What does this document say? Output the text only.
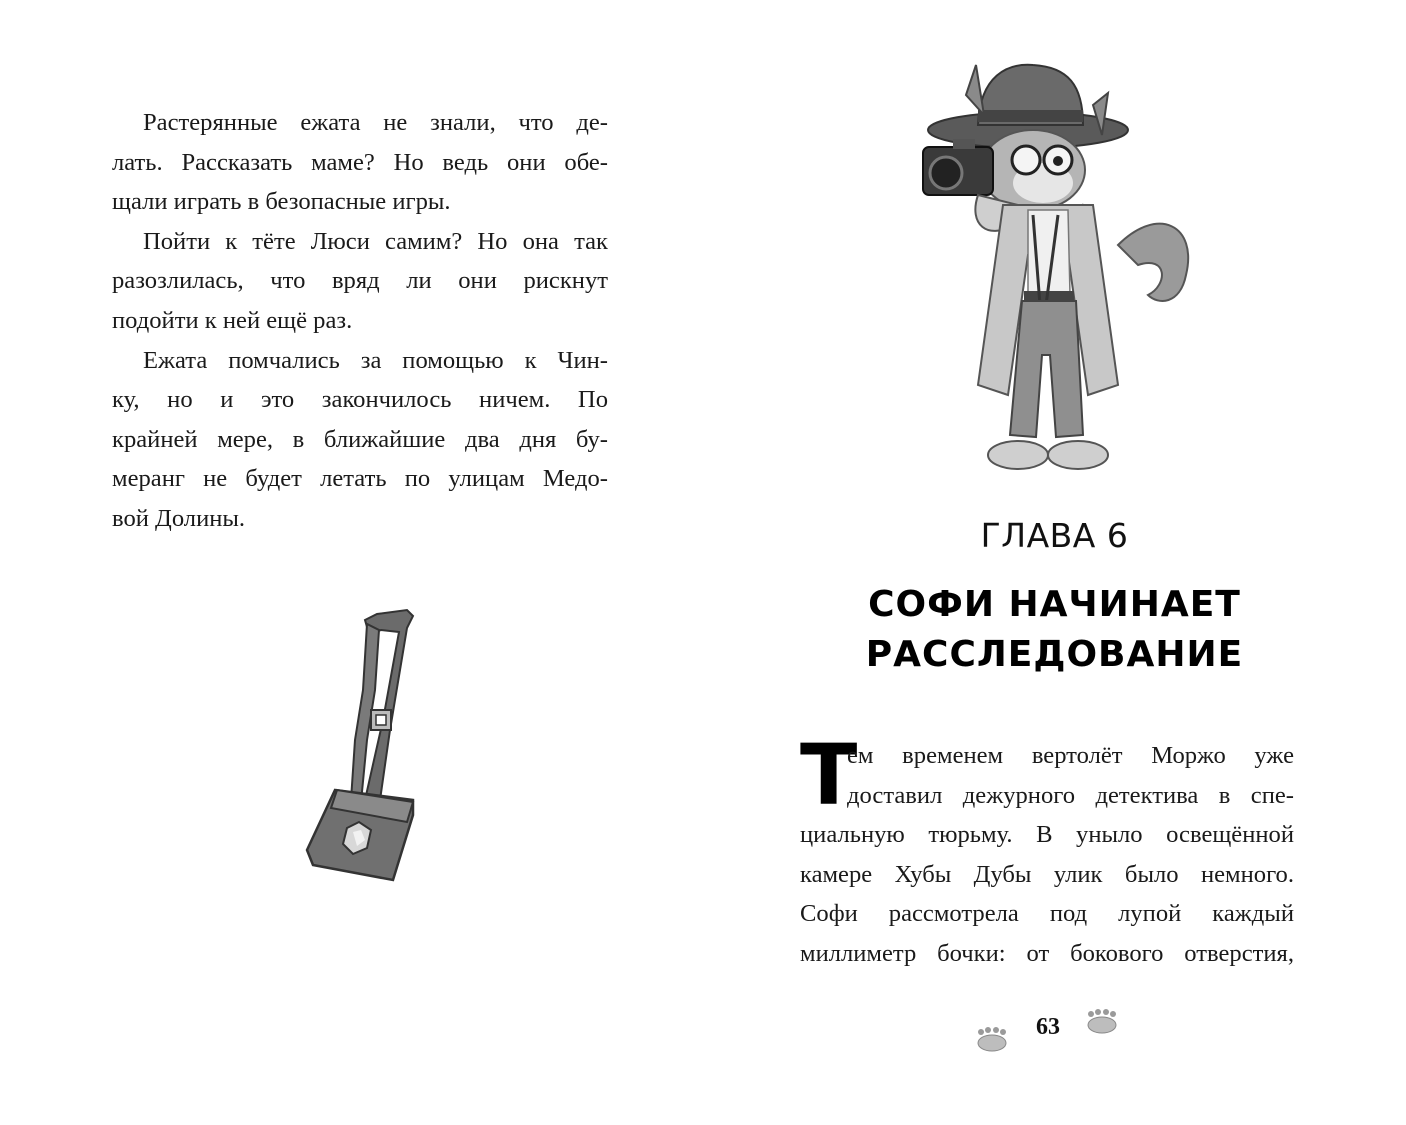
Растерянные ежата не знали, что де-
лать. Рассказать маме? Но ведь они обе-
щали играть в безопасные игры.
Пойти к тёте Люси самим? Но она так
разозлилась, что вряд ли они рискнут
подойти к ней ещё раз.
Ежата помчались за помощью к Чин-
ку, но и это закончилось ничем. По
крайней мере, в ближайшие два дня бу-
меранг не будет летать по улицам Медо-
вой Долины.	ГЛАВА 6
СОФИ НАЧИНАЕТ
РАССЛЕДОВАНИЕ
Т
ем временем вертолёт Моржо уже
доставил дежурного детектива в спе-
циальную тюрьму. В уныло освещённой
камере Хубы Дубы улик было немного.
Софи рассмотрела под лупой каждый
миллиметр бочки: от бокового отверстия,
63
